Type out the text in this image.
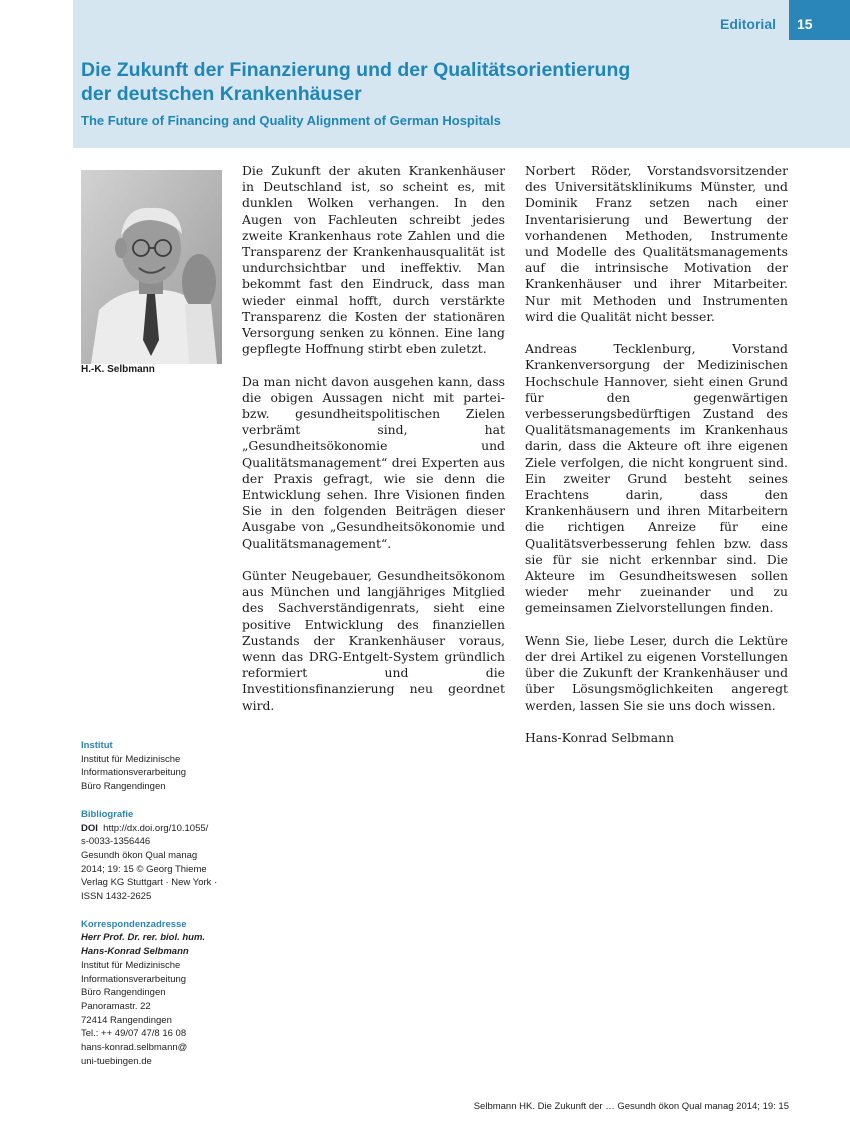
Editorial 15
Die Zukunft der Finanzierung und der Qualitätsorientierung
der deutschen Krankenhäuser
The Future of Financing and Quality Alignment of German Hospitals
H.-K. Selbmann

Die Zukunft der akuten Krankenhäuser in Deutschland ist, so scheint es, mit dunklen Wolken verhangen. In den Augen von Fachleuten schreibt jedes zweite Krankenhaus rote Zahlen und die Transparenz der Krankenhausqualität ist undurchsichtbar und ineffektiv. Man bekommt fast den Eindruck, dass man wieder einmal hofft, durch verstärkte Transparenz die Kosten der stationären Versorgung senken zu können. Eine lang gepflegte Hoffnung stirbt eben zuletzt.

Da man nicht davon ausgehen kann, dass die obigen Aussagen nicht mit partei- bzw. gesundheitspolitischen Zielen verbrämt sind, hat „Gesundheitsökonomie und Qualitätsmanagement“ drei Experten aus der Praxis gefragt, wie sie denn die Entwicklung sehen. Ihre Visionen finden Sie in den folgenden Beiträgen dieser Ausgabe von „Gesundheitsökonomie und Qualitätsmanagement“.

Günter Neugebauer, Gesundheitsökonom aus München und langjähriges Mitglied des Sachverständigenrats, sieht eine positive Entwicklung des finanziellen Zustands der Krankenhäuser voraus, wenn das DRG-Entgelt-System gründlich reformiert und die Investitionsfinanzierung neu geordnet wird.

Norbert Röder, Vorstandsvorsitzender des Universitätsklinikums Münster, und Dominik Franz setzen nach einer Inventarisierung und Bewertung der vorhandenen Methoden, Instrumente und Modelle des Qualitätsmanagements auf die intrinsische Motivation der Krankenhäuser und ihrer Mitarbeiter. Nur mit Methoden und Instrumenten wird die Qualität nicht besser.

Andreas Tecklenburg, Vorstand Krankenversorgung der Medizinischen Hochschule Hannover, sieht einen Grund für den gegenwärtigen verbesserungsbedürftigen Zustand des Qualitätsmanagements im Krankenhaus darin, dass die Akteure oft ihre eigenen Ziele verfolgen, die nicht kongruent sind. Ein zweiter Grund besteht seines Erachtens darin, dass den Krankenhäusern und ihren Mitarbeitern die richtigen Anreize für eine Qualitätsverbesserung fehlen bzw. dass sie für sie nicht erkennbar sind. Die Akteure im Gesundheitswesen sollen wieder mehr zueinander und zu gemeinsamen Zielvorstellungen finden.

Wenn Sie, liebe Leser, durch die Lektüre der drei Artikel zu eigenen Vorstellungen über die Zukunft der Krankenhäuser und über Lösungsmöglichkeiten angeregt werden, lassen Sie sie uns doch wissen.

Hans-Konrad Selbmann

Institut
Institut für Medizinische
Informationsverarbeitung
Büro Rangendingen
Bibliografie
DOI http://dx.doi.org/10.1055/
s-0033-1356446
Gesundh ökon Qual manag
2014; 19: 15 © Georg Thieme
Verlag KG Stuttgart · New York ·
ISSN 1432-2625
Korrespondenzadresse
Herr Prof. Dr. rer. biol. hum.
Hans-Konrad Selbmann
Institut für Medizinische
Informationsverarbeitung
Büro Rangendingen
Panoramastr. 22
72414 Rangendingen
Tel.: ++ 49/07 47/8 16 08
hans-konrad.selbmann@
uni-tuebingen.de
Selbmann HK. Die Zukunft der … Gesundh ökon Qual manag 2014; 19: 15
